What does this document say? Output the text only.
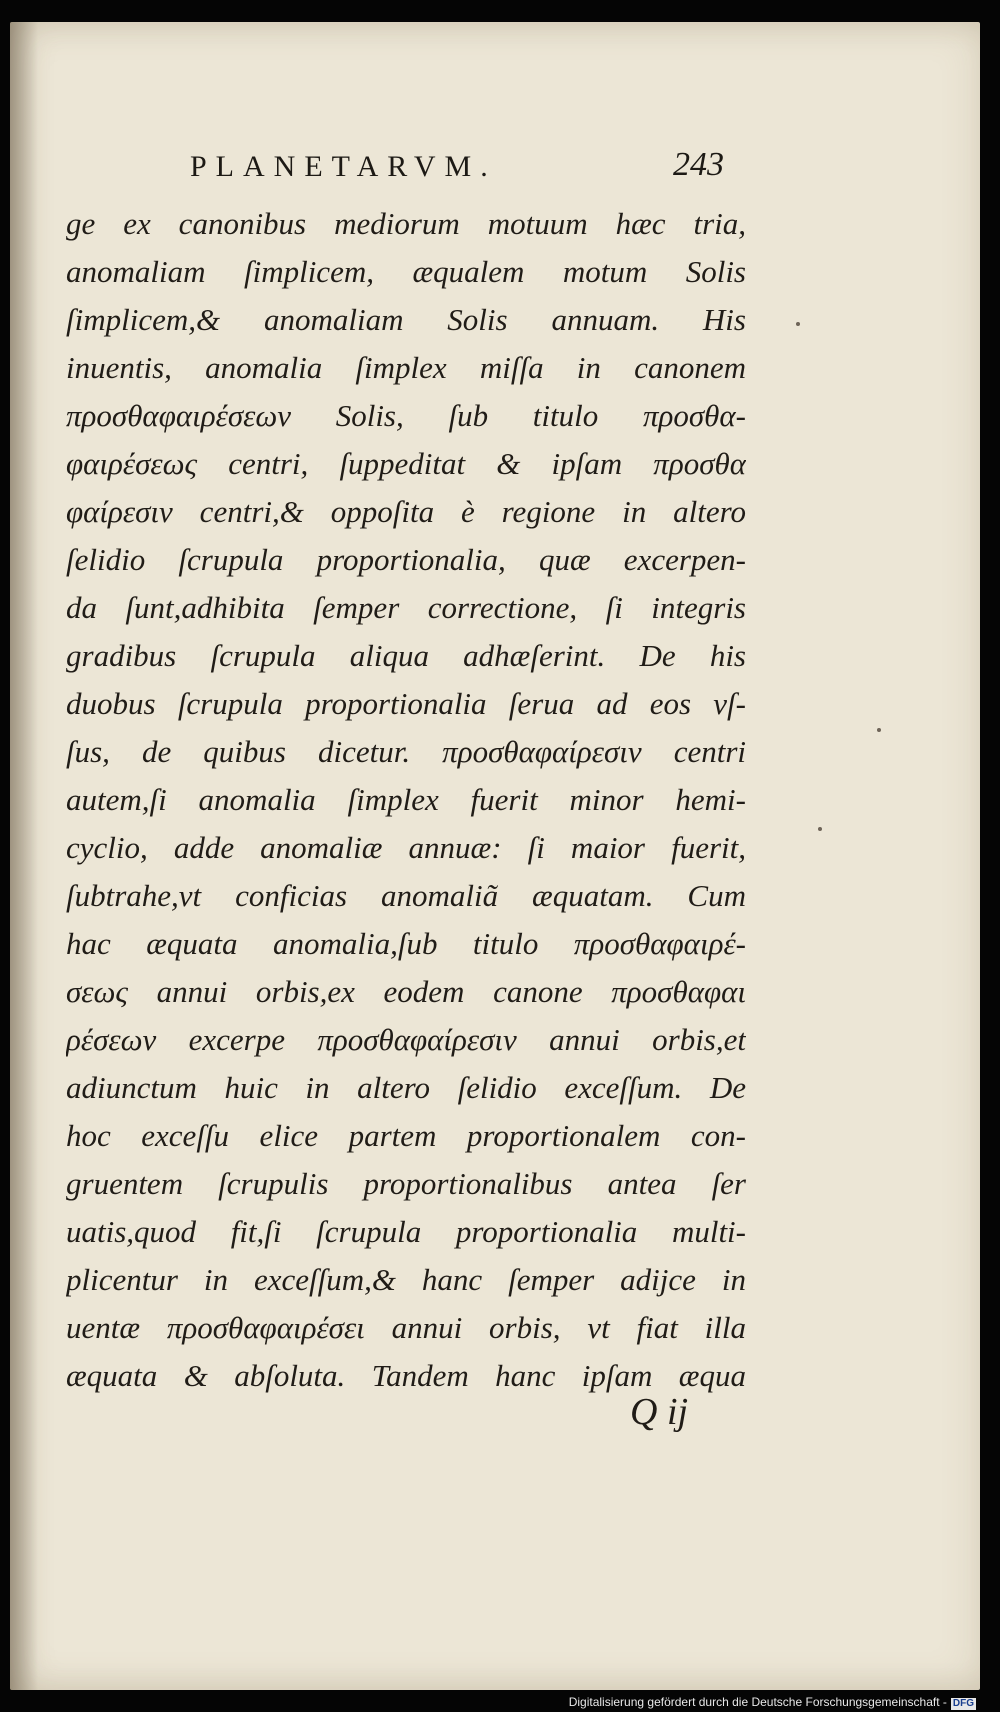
PLANETARVM.	243
ge ex canonibus mediorum motuum hæc tria,
anomaliam ſimplicem, æqualem motum Solis
ſimplicem,& anomaliam Solis annuam. His
inuentis, anomalia ſimplex miſſa in canonem
προσθαφαιρέσεων Solis, ſub titulo προσθα-
φαιρέσεως centri, ſuppeditat & ipſam προσθα
φαίρεσιν centri,& oppoſita è regione in altero
ſelidio ſcrupula proportionalia, quæ excerpen-
da ſunt,adhibita ſemper correctione, ſi integris
gradibus ſcrupula aliqua adhæſerint. De his
duobus ſcrupula proportionalia ſerua ad eos vſ-
ſus, de quibus dicetur. προσθαφαίρεσιν centri
autem,ſi anomalia ſimplex fuerit minor hemi-
cyclio, adde anomaliæ annuæ: ſi maior fuerit,
ſubtrahe,vt conficias anomaliã æquatam. Cum
hac æquata anomalia,ſub titulo προσθαφαιρέ-
σεως annui orbis,ex eodem canone προσθαφαι
ρέσεων excerpe προσθαφαίρεσιν annui orbis,et
adiunctum huic in altero ſelidio exceſſum. De
hoc exceſſu elice partem proportionalem con-
gruentem ſcrupulis proportionalibus antea ſer
uatis,quod fit,ſi ſcrupula proportionalia multi-
plicentur in exceſſum,& hanc ſemper adijce in
uentæ προσθαφαιρέσει annui orbis, vt fiat illa
æquata & abſoluta. Tandem hanc ipſam æqua
Q ij
Digitalisierung gefördert durch die Deutsche Forschungsgemeinschaft - DFG
